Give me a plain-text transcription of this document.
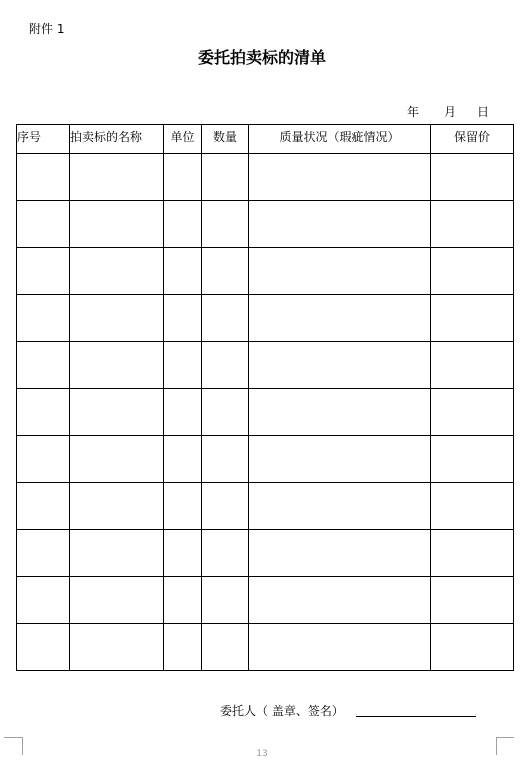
附件 1
委托拍卖标的清单
年 月 日
序号	拍卖标的名称	单位	数量	质量状况（瑕疵情况）	保留价

委托人（ 盖章、签名）
13
